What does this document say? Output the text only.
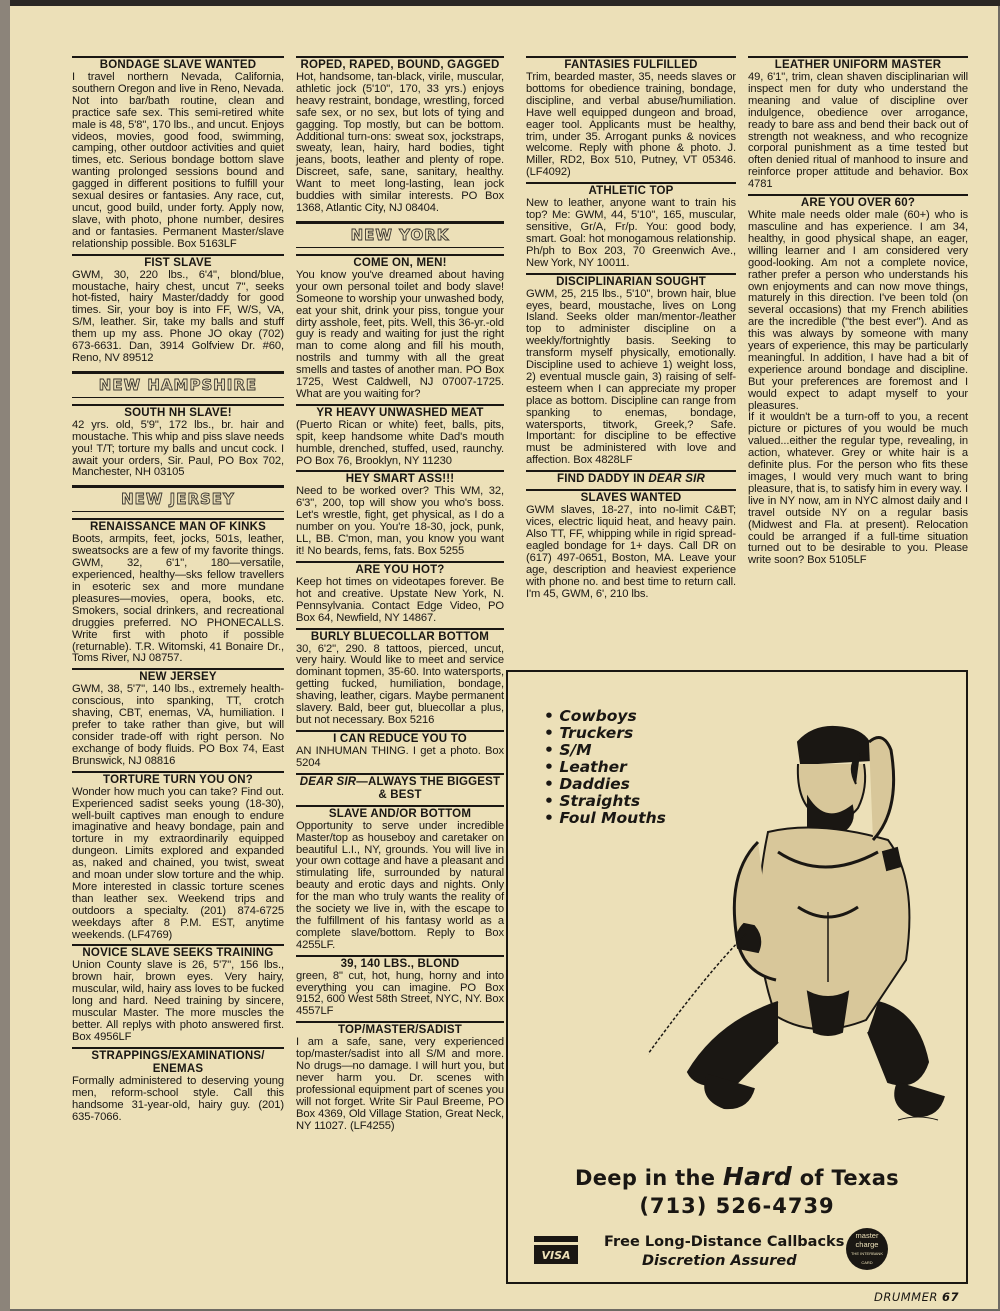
BONDAGE SLAVE WANTED

I travel northern Nevada, California, southern Oregon and live in Reno, Nevada. Not into bar/bath routine, clean and practice safe sex. This semi-retired white male is 48, 5'8", 170 lbs., and uncut. Enjoys videos, movies, good food, swimming, camping, other outdoor activities and quiet times, etc. Serious bondage bottom slave wanting prolonged sessions bound and gagged in different positions to fulfill your sexual desires or fantasies. Any race, cut, uncut, good build, under forty. Apply now, slave, with photo, phone number, desires and or fantasies. Permanent Master/slave relationship possible. Box 5163LF

FIST SLAVE

GWM, 30, 220 lbs., 6'4", blond/blue, moustache, hairy chest, uncut 7", seeks hot-fisted, hairy Master/daddy for good times. Sir, your boy is into FF, W/S, VA, S/M, leather. Sir, take my balls and stuff them up my ass. Phone JO okay (702) 673-6631. Dan, 3914 Golfview Dr. #60, Reno, NV 89512

NEW HAMPSHIRE
SOUTH NH SLAVE!

42 yrs. old, 5'9", 172 lbs., br. hair and moustache. This whip and piss slave needs you! T/T; torture my balls and uncut cock. I await your orders, Sir. Paul, PO Box 702, Manchester, NH 03105

NEW JERSEY
RENAISSANCE MAN OF KINKS

Boots, armpits, feet, jocks, 501s, leather, sweatsocks are a few of my favorite things. GWM, 32, 6'1", 180—versatile, experienced, healthy—sks fellow travellers in esoteric sex and more mundane pleasures—movies, opera, books, etc. Smokers, social drinkers, and recreational druggies preferred. NO PHONECALLS. Write first with photo if possible (returnable). T.R. Witomski, 41 Bonaire Dr., Toms River, NJ 08757.

NEW JERSEY

GWM, 38, 5'7", 140 lbs., extremely health-conscious, into spanking, TT, crotch shaving, CBT, enemas, VA, humiliation. I prefer to take rather than give, but will consider trade-off with right person. No exchange of body fluids. PO Box 74, East Brunswick, NJ 08816

TORTURE TURN YOU ON?

Wonder how much you can take? Find out. Experienced sadist seeks young (18-30), well-built captives man enough to endure imaginative and heavy bondage, pain and torture in my extraordinarily equipped dungeon. Limits explored and expanded as, naked and chained, you twist, sweat and moan under slow torture and the whip. More interested in classic torture scenes than leather sex. Weekend trips and outdoors a specialty. (201) 874-6725 weekdays after 8 P.M. EST, anytime weekends. (LF4769)

NOVICE SLAVE SEEKS TRAINING

Union County slave is 26, 5'7", 156 lbs., brown hair, brown eyes. Very hairy, muscular, wild, hairy ass loves to be fucked long and hard. Need training by sincere, muscular Master. The more muscles the better. All replys with photo answered first. Box 4956LF

STRAPPINGS/EXAMINATIONS/ ENEMAS

Formally administered to deserving young men, reform-school style. Call this handsome 31-year-old, hairy guy. (201) 635-7066.

ROPED, RAPED, BOUND, GAGGED

Hot, handsome, tan-black, virile, muscular, athletic jock (5'10", 170, 33 yrs.) enjoys heavy restraint, bondage, wrestling, forced safe sex, or no sex, but lots of tying and gagging. Top mostly, but can be bottom. Additional turn-ons: sweat sox, jockstraps, sweaty, lean, hairy, hard bodies, tight jeans, boots, leather and plenty of rope. Discreet, safe, sane, sanitary, healthy. Want to meet long-lasting, lean jock buddies with similar interests. PO Box 1368, Atlantic City, NJ 08404.

NEW YORK
COME ON, MEN!

You know you've dreamed about having your own personal toilet and body slave! Someone to worship your unwashed body, eat your shit, drink your piss, tongue your dirty asshole, feet, pits. Well, this 36-yr.-old guy is ready and waiting for just the right man to come along and fill his mouth, nostrils and tummy with all the great smells and tastes of another man. PO Box 1725, West Caldwell, NJ 07007-1725. What are you waiting for?

YR HEAVY UNWASHED MEAT

(Puerto Rican or white) feet, balls, pits, spit, keep handsome white Dad's mouth humble, drenched, stuffed, used, raunchy. PO Box 76, Brooklyn, NY 11230

HEY SMART ASS!!!

Need to be worked over? This WM, 32, 6'3", 200, top will show you who's boss. Let's wrestle, fight, get physical, as I do a number on you. You're 18-30, jock, punk, LL, BB. C'mon, man, you know you want it! No beards, fems, fats. Box 5255

ARE YOU HOT?

Keep hot times on videotapes forever. Be hot and creative. Upstate New York, N. Pennsylvania. Contact Edge Video, PO Box 64, Newfield, NY 14867.

BURLY BLUECOLLAR BOTTOM

30, 6'2", 290. 8 tattoos, pierced, uncut, very hairy. Would like to meet and service dominant topmen, 35-60. Into watersports, getting fucked, humiliation, bondage, shaving, leather, cigars. Maybe permanent slavery. Bald, beer gut, bluecollar a plus, but not necessary. Box 5216

I CAN REDUCE YOU TO

AN INHUMAN THING. I get a photo. Box 5204

DEAR SIR—ALWAYS THE BIGGEST & BEST
SLAVE AND/OR BOTTOM

Opportunity to serve under incredible Master/top as houseboy and caretaker on beautiful L.I., NY, grounds. You will live in your own cottage and have a pleasant and stimulating life, surrounded by natural beauty and erotic days and nights. Only for the man who truly wants the reality of the society we live in, with the escape to the fulfillment of his fantasy world as a complete slave/bottom. Reply to Box 4255LF.

39, 140 LBS., BLOND

green, 8" cut, hot, hung, horny and into everything you can imagine. PO Box 9152, 600 West 58th Street, NYC, NY. Box 4557LF

TOP/MASTER/SADIST

I am a safe, sane, very experienced top/master/sadist into all S/M and more. No drugs—no damage. I will hurt you, but never harm you. Dr. scenes with professional equipment part of scenes you will not forget. Write Sir Paul Breeme, PO Box 4369, Old Village Station, Great Neck, NY 11027. (LF4255)

FANTASIES FULFILLED

Trim, bearded master, 35, needs slaves or bottoms for obedience training, bondage, discipline, and verbal abuse/humiliation. Have well equipped dungeon and broad, eager tool. Applicants must be healthy, trim, under 35. Arrogant punks & novices welcome. Reply with phone & photo. J. Miller, RD2, Box 510, Putney, VT 05346. (LF4092)

ATHLETIC TOP

New to leather, anyone want to train his top? Me: GWM, 44, 5'10", 165, muscular, sensitive, Gr/A, Fr/p. You: good body, smart. Goal: hot monogamous relationship. Ph/ph to Box 203, 70 Greenwich Ave., New York, NY 10011.

DISCIPLINARIAN SOUGHT

GWM, 25, 215 lbs., 5'10", brown hair, blue eyes, beard, moustache, lives on Long Island. Seeks older man/mentor-/leather top to administer discipline on a weekly/fortnightly basis. Seeking to transform myself physically, emotionally. Discipline used to achieve 1) weight loss, 2) eventual muscle gain, 3) raising of self-esteem when I can appreciate my proper place as bottom. Discipline can range from spanking to enemas, bondage, watersports, titwork, Greek,? Safe. Important: for discipline to be effective must be administered with love and affection. Box 4828LF

FIND DADDY IN DEAR SIR
SLAVES WANTED

GWM slaves, 18-27, into no-limit C&BT; vices, electric liquid heat, and heavy pain. Also TT, FF, whipping while in rigid spread-eagled bondage for 1+ days. Call DR on (617) 497-0651, Boston, MA. Leave your age, description and heaviest experience with phone no. and best time to return call. I'm 45, GWM, 6', 210 lbs.

LEATHER UNIFORM MASTER

49, 6'1", trim, clean shaven disciplinarian will inspect men for duty who understand the meaning and value of discipline over indulgence, obedience over arrogance, ready to bare ass and bend their back out of strength not weakness, and who recognize corporal punishment as a time tested but often denied ritual of manhood to insure and reinforce proper attitude and behavior. Box 4781

ARE YOU OVER 60?

White male needs older male (60+) who is masculine and has experience. I am 34, healthy, in good physical shape, an eager, willing learner and I am considered very good-looking. Am not a complete novice, rather prefer a person who understands his own enjoyments and can now move things, maturely in this direction. I've been told (on several occasions) that my French abilities are the incredible ("the best ever"). And as this was always by someone with many years of experience, this may be particularly meaningful. In addition, I have had a bit of experience around bondage and discipline. But your preferences are foremost and I would expect to adapt myself to your pleasures.

If it wouldn't be a turn-off to you, a recent picture or pictures of you would be much valued...either the regular type, revealing, in action, whatever. Grey or white hair is a definite plus. For the person who fits these images, I would very much want to bring pleasure, that is, to satisfy him in every way. I live in NY now, am in NYC almost daily and I travel outside NY on a regular basis (Midwest and Fla. at present). Relocation could be arranged if a full-time situation turned out to be desirable to you. Please write soon? Box 5105LF

• Cowboys
• Truckers
• S/M
• Leather
• Daddies
• Straights
• Foul Mouths
Deep in the Hard of Texas
(713) 526-4739
VISA
Free Long-Distance Callbacks
Discretion Assured
master charge
THE INTERBANK CARD
DRUMMER 67
